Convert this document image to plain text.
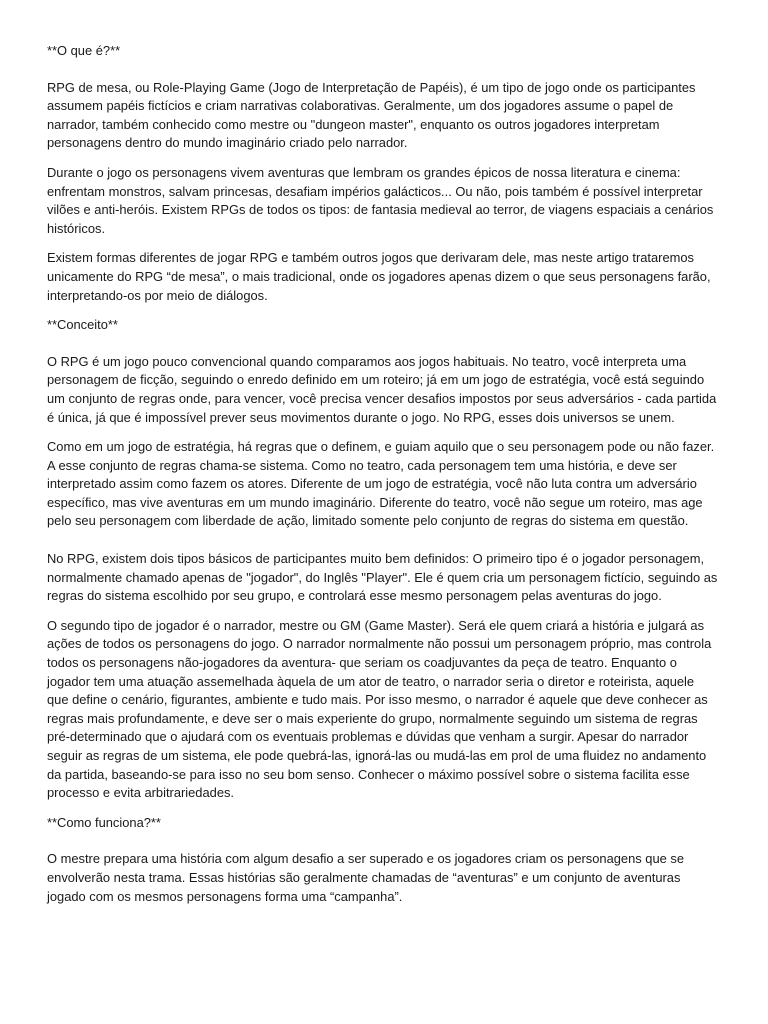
**O que é?**

RPG de mesa, ou Role-Playing Game (Jogo de Interpretação de Papéis), é um tipo de jogo onde os participantes assumem papéis fictícios e criam narrativas colaborativas. Geralmente, um dos jogadores assume o papel de narrador, também conhecido como mestre ou "dungeon master", enquanto os outros jogadores interpretam personagens dentro do mundo imaginário criado pelo narrador.

Durante o jogo os personagens vivem aventuras que lembram os grandes épicos de nossa literatura e cinema: enfrentam monstros, salvam princesas, desafiam impérios galácticos... Ou não, pois também é possível interpretar vilões e anti-heróis. Existem RPGs de todos os tipos: de fantasia medieval ao terror, de viagens espaciais a cenários históricos.

Existem formas diferentes de jogar RPG e também outros jogos que derivaram dele, mas neste artigo trataremos unicamente do RPG “de mesa”, o mais tradicional, onde os jogadores apenas dizem o que seus personagens farão, interpretando-os por meio de diálogos.

**Conceito**

O RPG é um jogo pouco convencional quando comparamos aos jogos habituais. No teatro, você interpreta uma personagem de ficção, seguindo o enredo definido em um roteiro; já em um jogo de estratégia, você está seguindo um conjunto de regras onde, para vencer, você precisa vencer desafios impostos por seus adversários - cada partida é única, já que é impossível prever seus movimentos durante o jogo. No RPG, esses dois universos se unem.

Como em um jogo de estratégia, há regras que o definem, e guiam aquilo que o seu personagem pode ou não fazer. A esse conjunto de regras chama-se sistema. Como no teatro, cada personagem tem uma história, e deve ser interpretado assim como fazem os atores. Diferente de um jogo de estratégia, você não luta contra um adversário específico, mas vive aventuras em um mundo imaginário. Diferente do teatro, você não segue um roteiro, mas age pelo seu personagem com liberdade de ação, limitado somente pelo conjunto de regras do sistema em questão.

No RPG, existem dois tipos básicos de participantes muito bem definidos: O primeiro tipo é o jogador personagem, normalmente chamado apenas de "jogador", do Inglês "Player". Ele é quem cria um personagem fictício, seguindo as regras do sistema escolhido por seu grupo, e controlará esse mesmo personagem pelas aventuras do jogo.

O segundo tipo de jogador é o narrador, mestre ou GM (Game Master). Será ele quem criará a história e julgará as ações de todos os personagens do jogo. O narrador normalmente não possui um personagem próprio, mas controla todos os personagens não-jogadores da aventura- que seriam os coadjuvantes da peça de teatro. Enquanto o jogador tem uma atuação assemelhada àquela de um ator de teatro, o narrador seria o diretor e roteirista, aquele que define o cenário, figurantes, ambiente e tudo mais. Por isso mesmo, o narrador é aquele que deve conhecer as regras mais profundamente, e deve ser o mais experiente do grupo, normalmente seguindo um sistema de regras pré-determinado que o ajudará com os eventuais problemas e dúvidas que venham a surgir. Apesar do narrador seguir as regras de um sistema, ele pode quebrá-las, ignorá-las ou mudá-las em prol de uma fluidez no andamento da partida, baseando-se para isso no seu bom senso. Conhecer o máximo possível sobre o sistema facilita esse processo e evita arbitrariedades.

**Como funciona?**

O mestre prepara uma história com algum desafio a ser superado e os jogadores criam os personagens que se envolverão nesta trama. Essas histórias são geralmente chamadas de “aventuras” e um conjunto de aventuras jogado com os mesmos personagens forma uma “campanha”.
